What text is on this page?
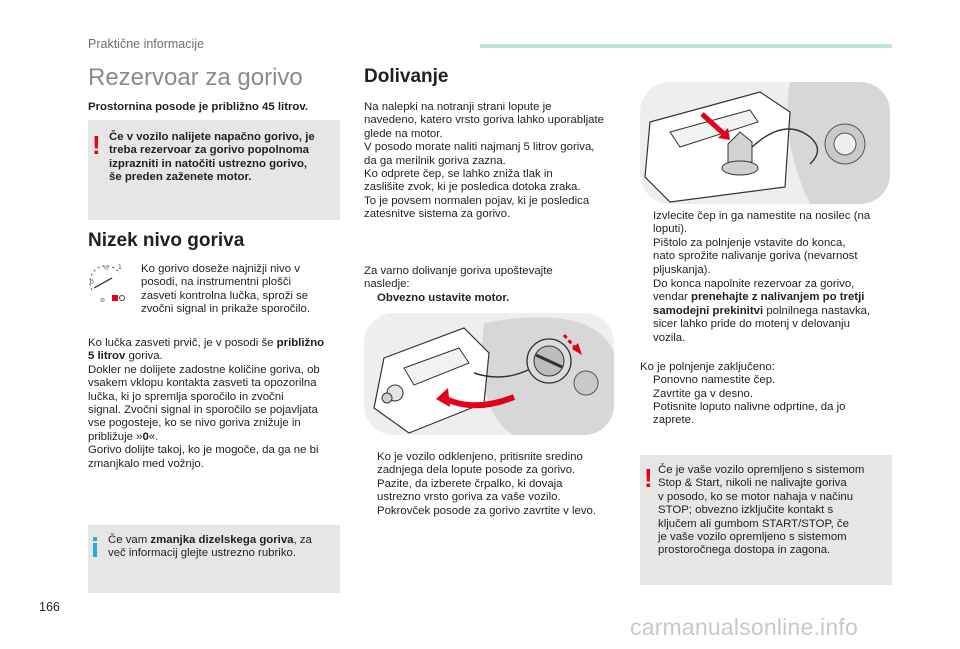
Praktične informacije
Rezervoar za gorivo
Prostornina posode je približno 45 litrov.
! Če v vozilo nalijete napačno gorivo, je
treba rezervoar za gorivo popolnoma
izprazniti in natočiti ustrezno gorivo,
še preden zaženete motor.
Nizek nivo goriva
½ 1
0
⊘
Ko gorivo doseže najnižji nivo v
posodi, na instrumentni plošči
zasveti kontrolna lučka, sproži se
zvočni signal in prikaže sporočilo.
Ko lučka zasveti prvič, je v posodi še približno
5 litrov goriva.
Dokler ne dolijete zadostne količine goriva, ob
vsakem vklopu kontakta zasveti ta opozorilna
lučka, ki jo spremlja sporočilo in zvočni
signal. Zvočni signal in sporočilo se pojavljata
vse pogosteje, ko se nivo goriva znižuje in
približuje »0«.
Gorivo dolijte takoj, ko je mogoče, da ga ne bi
zmanjkalo med vožnjo.
Če vam zmanjka dizelskega goriva, za
več informacij glejte ustrezno rubriko.
Dolivanje
Na nalepki na notranji strani lopute je
navedeno, katero vrsto goriva lahko uporabljate
glede na motor.
V posodo morate naliti najmanj 5 litrov goriva,
da ga merilnik goriva zazna.
Ko odprete čep, se lahko zniža tlak in
zaslišite zvok, ki je posledica dotoka zraka.
To je povsem normalen pojav, ki je posledica
zatesnitve sistema za gorivo.
Za varno dolivanje goriva upoštevajte
nasledje:
Obvezno ustavite motor.
Ko je vozilo odklenjeno, pritisnite sredino
zadnjega dela lopute posode za gorivo.
Pazite, da izberete črpalko, ki dovaja
ustrezno vrsto goriva za vaše vozilo.
Pokrovček posode za gorivo zavrtite v levo.
Izvlecite čep in ga namestite na nosilec (na
loputi).
Pištolo za polnjenje vstavite do konca,
nato sprožite nalivanje goriva (nevarnost
pljuskanja).
Do konca napolnite rezervoar za gorivo,
vendar prenehajte z nalivanjem po tretji
samodejni prekinitvi polnilnega nastavka,
sicer lahko pride do motenj v delovanju
vozila.
Ko je polnjenje zaključeno:
Ponovno namestite čep.
Zavrtite ga v desno.
Potisnite loputo nalivne odprtine, da jo
zaprete.
! Če je vaše vozilo opremljeno s sistemom
Stop & Start, nikoli ne nalivajte goriva
v posodo, ko se motor nahaja v načinu
STOP; obvezno izključite kontakt s
ključem ali gumbom START/STOP, če
je vaše vozilo opremljeno s sistemom
prostoročnega dostopa in zagona.
166
carmanualsonline.info
